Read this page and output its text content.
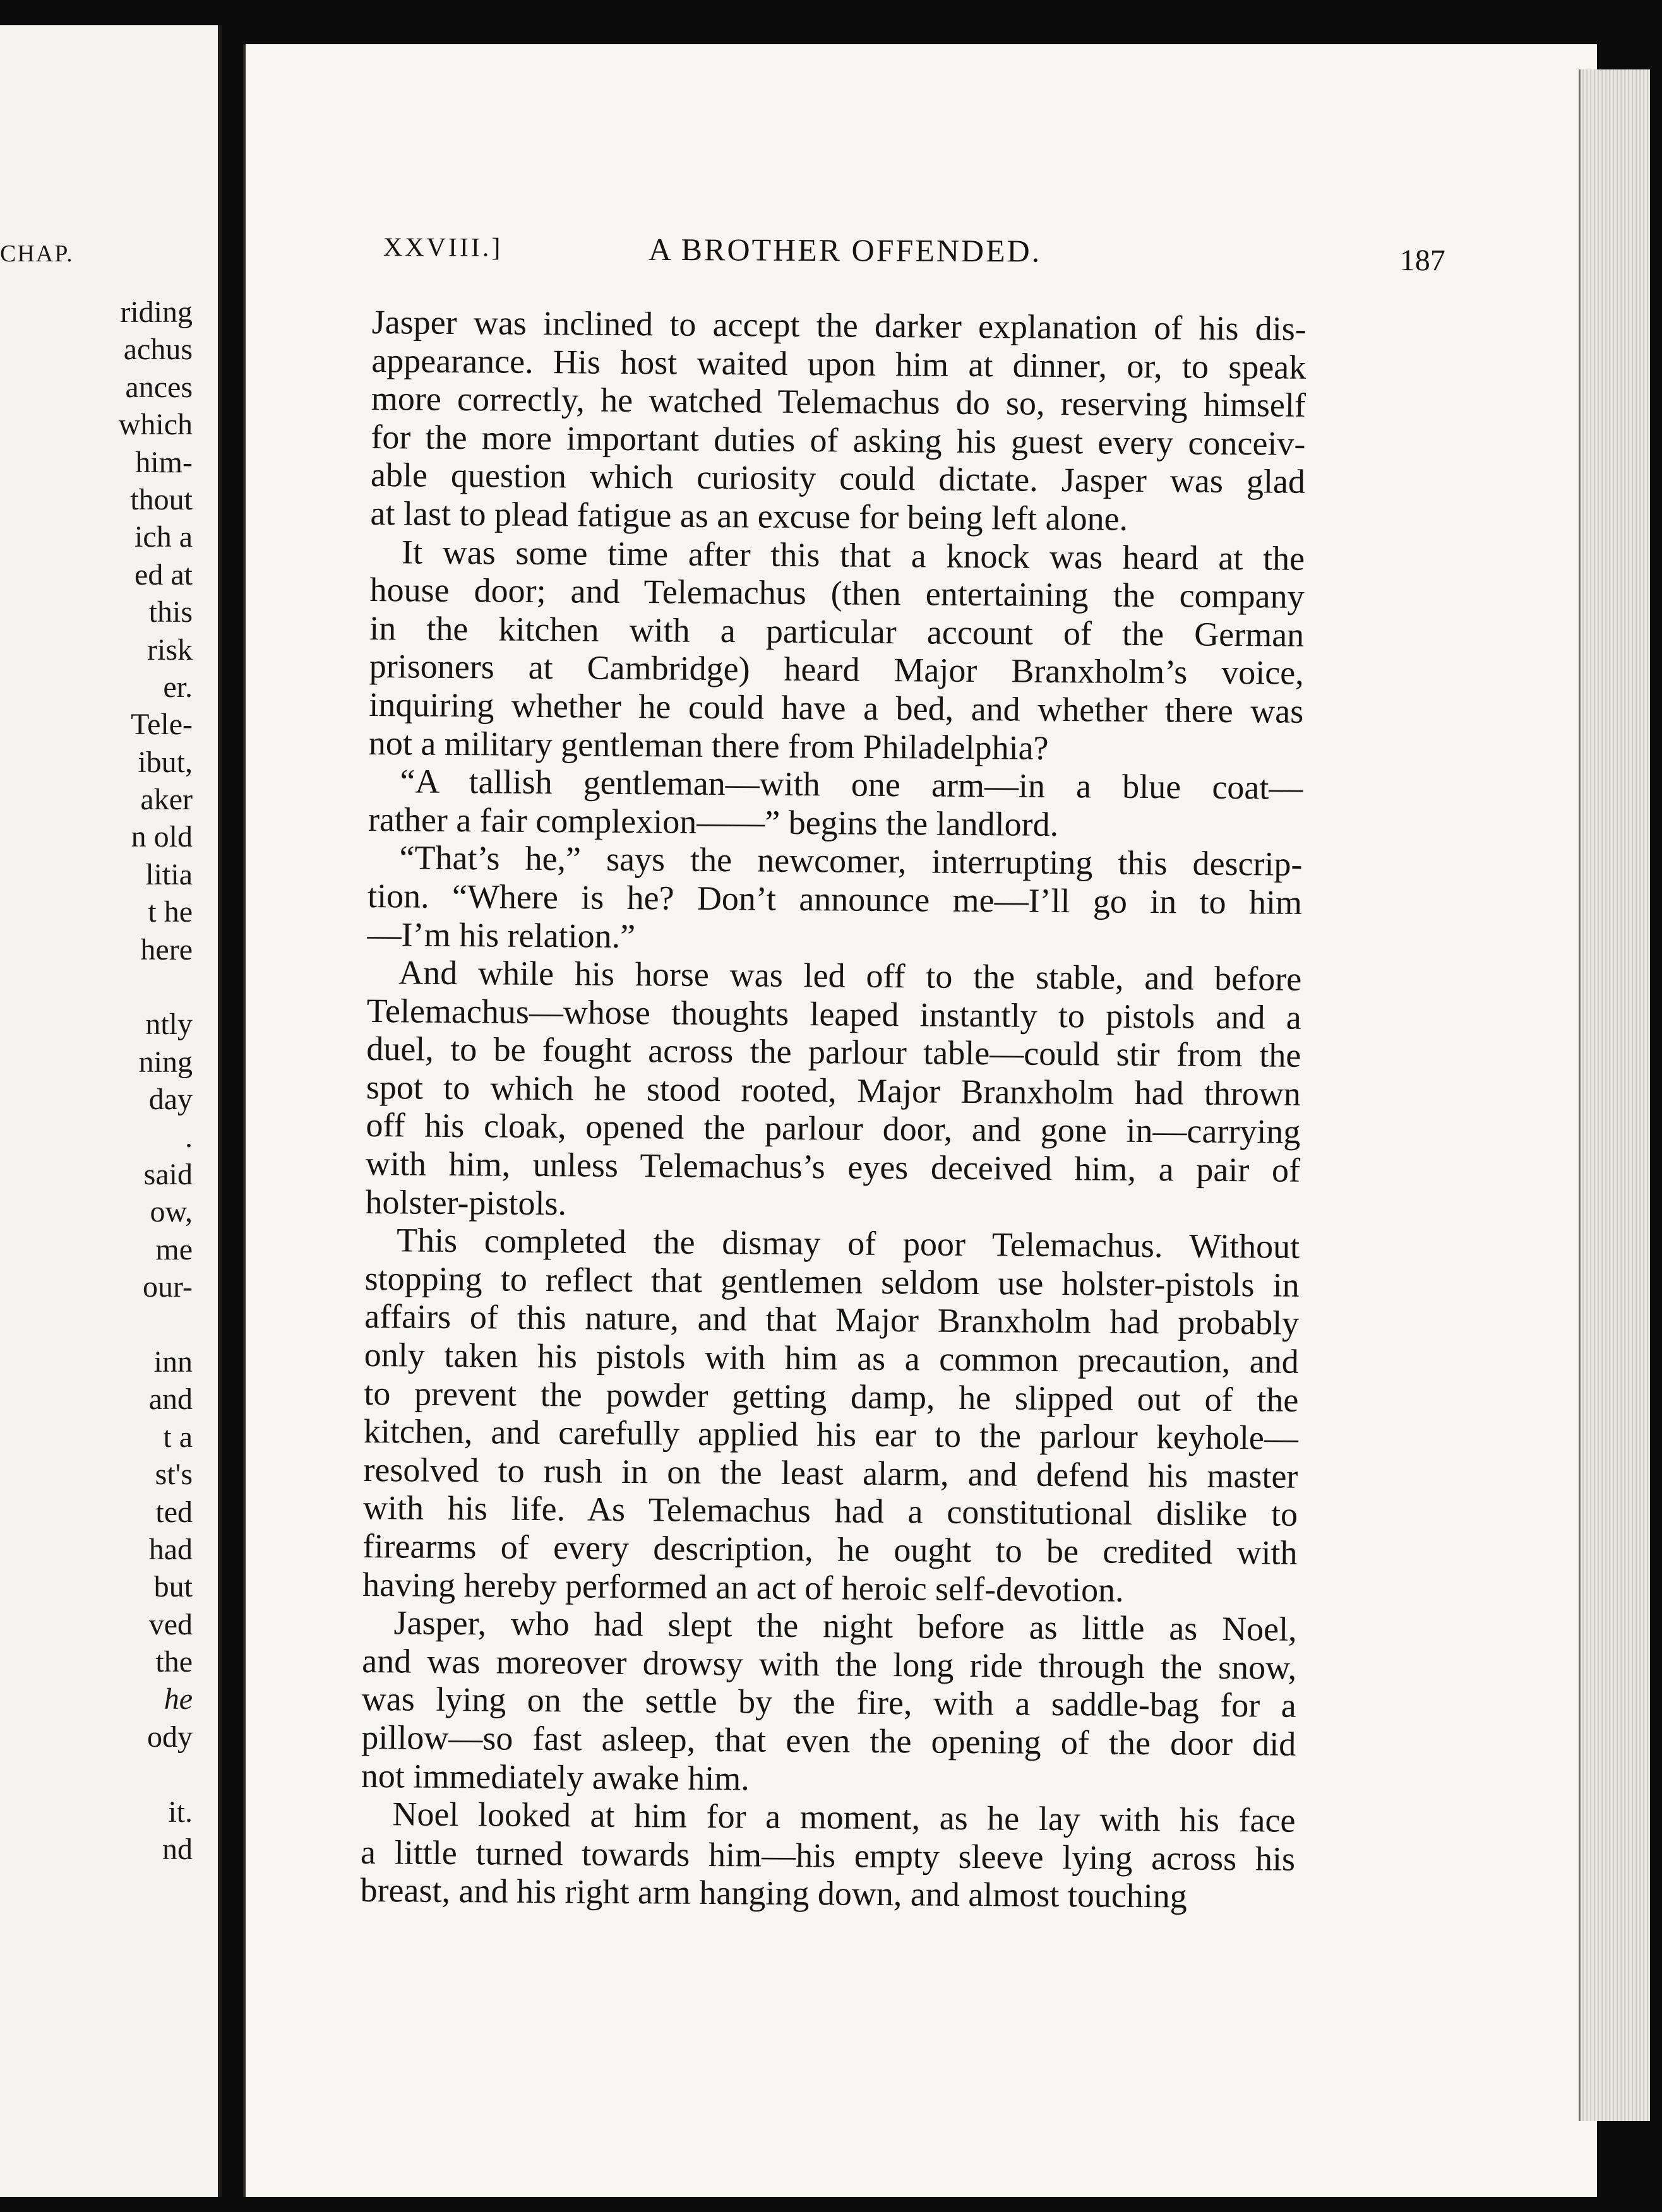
CHAP.
riding
achus
ances
which
him-
thout
ich a
ed at
this
risk
er.
Tele-
ibut,
aker
n old
litia
t he
here
ntly
ning
day
.
said
ow,
me
our-
inn
and
t a
st's
ted
had
but
ved
the
he
ody
it.
nd
XXVIII.]	A BROTHER OFFENDED.	187
Jasper was inclined to accept the darker explanation of his dis-
appearance. His host waited upon him at dinner, or, to speak
more correctly, he watched Telemachus do so, reserving himself
for the more important duties of asking his guest every conceiv-
able question which curiosity could dictate. Jasper was glad
at last to plead fatigue as an excuse for being left alone.
It was some time after this that a knock was heard at the
house door; and Telemachus (then entertaining the company
in the kitchen with a particular account of the German
prisoners at Cambridge) heard Major Branxholm’s voice,
inquiring whether he could have a bed, and whether there was
not a military gentleman there from Philadelphia?
“A tallish gentleman—with one arm—in a blue coat—
rather a fair complexion——” begins the landlord.
“That’s he,” says the newcomer, interrupting this descrip-
tion. “Where is he? Don’t announce me—I’ll go in to him
—I’m his relation.”
And while his horse was led off to the stable, and before
Telemachus—whose thoughts leaped instantly to pistols and a
duel, to be fought across the parlour table—could stir from the
spot to which he stood rooted, Major Branxholm had thrown
off his cloak, opened the parlour door, and gone in—carrying
with him, unless Telemachus’s eyes deceived him, a pair of
holster-pistols.
This completed the dismay of poor Telemachus. Without
stopping to reflect that gentlemen seldom use holster-pistols in
affairs of this nature, and that Major Branxholm had probably
only taken his pistols with him as a common precaution, and
to prevent the powder getting damp, he slipped out of the
kitchen, and carefully applied his ear to the parlour keyhole—
resolved to rush in on the least alarm, and defend his master
with his life. As Telemachus had a constitutional dislike to
firearms of every description, he ought to be credited with
having hereby performed an act of heroic self-devotion.
Jasper, who had slept the night before as little as Noel,
and was moreover drowsy with the long ride through the snow,
was lying on the settle by the fire, with a saddle-bag for a
pillow—so fast asleep, that even the opening of the door did
not immediately awake him.
Noel looked at him for a moment, as he lay with his face
a little turned towards him—his empty sleeve lying across his
breast, and his right arm hanging down, and almost touching
